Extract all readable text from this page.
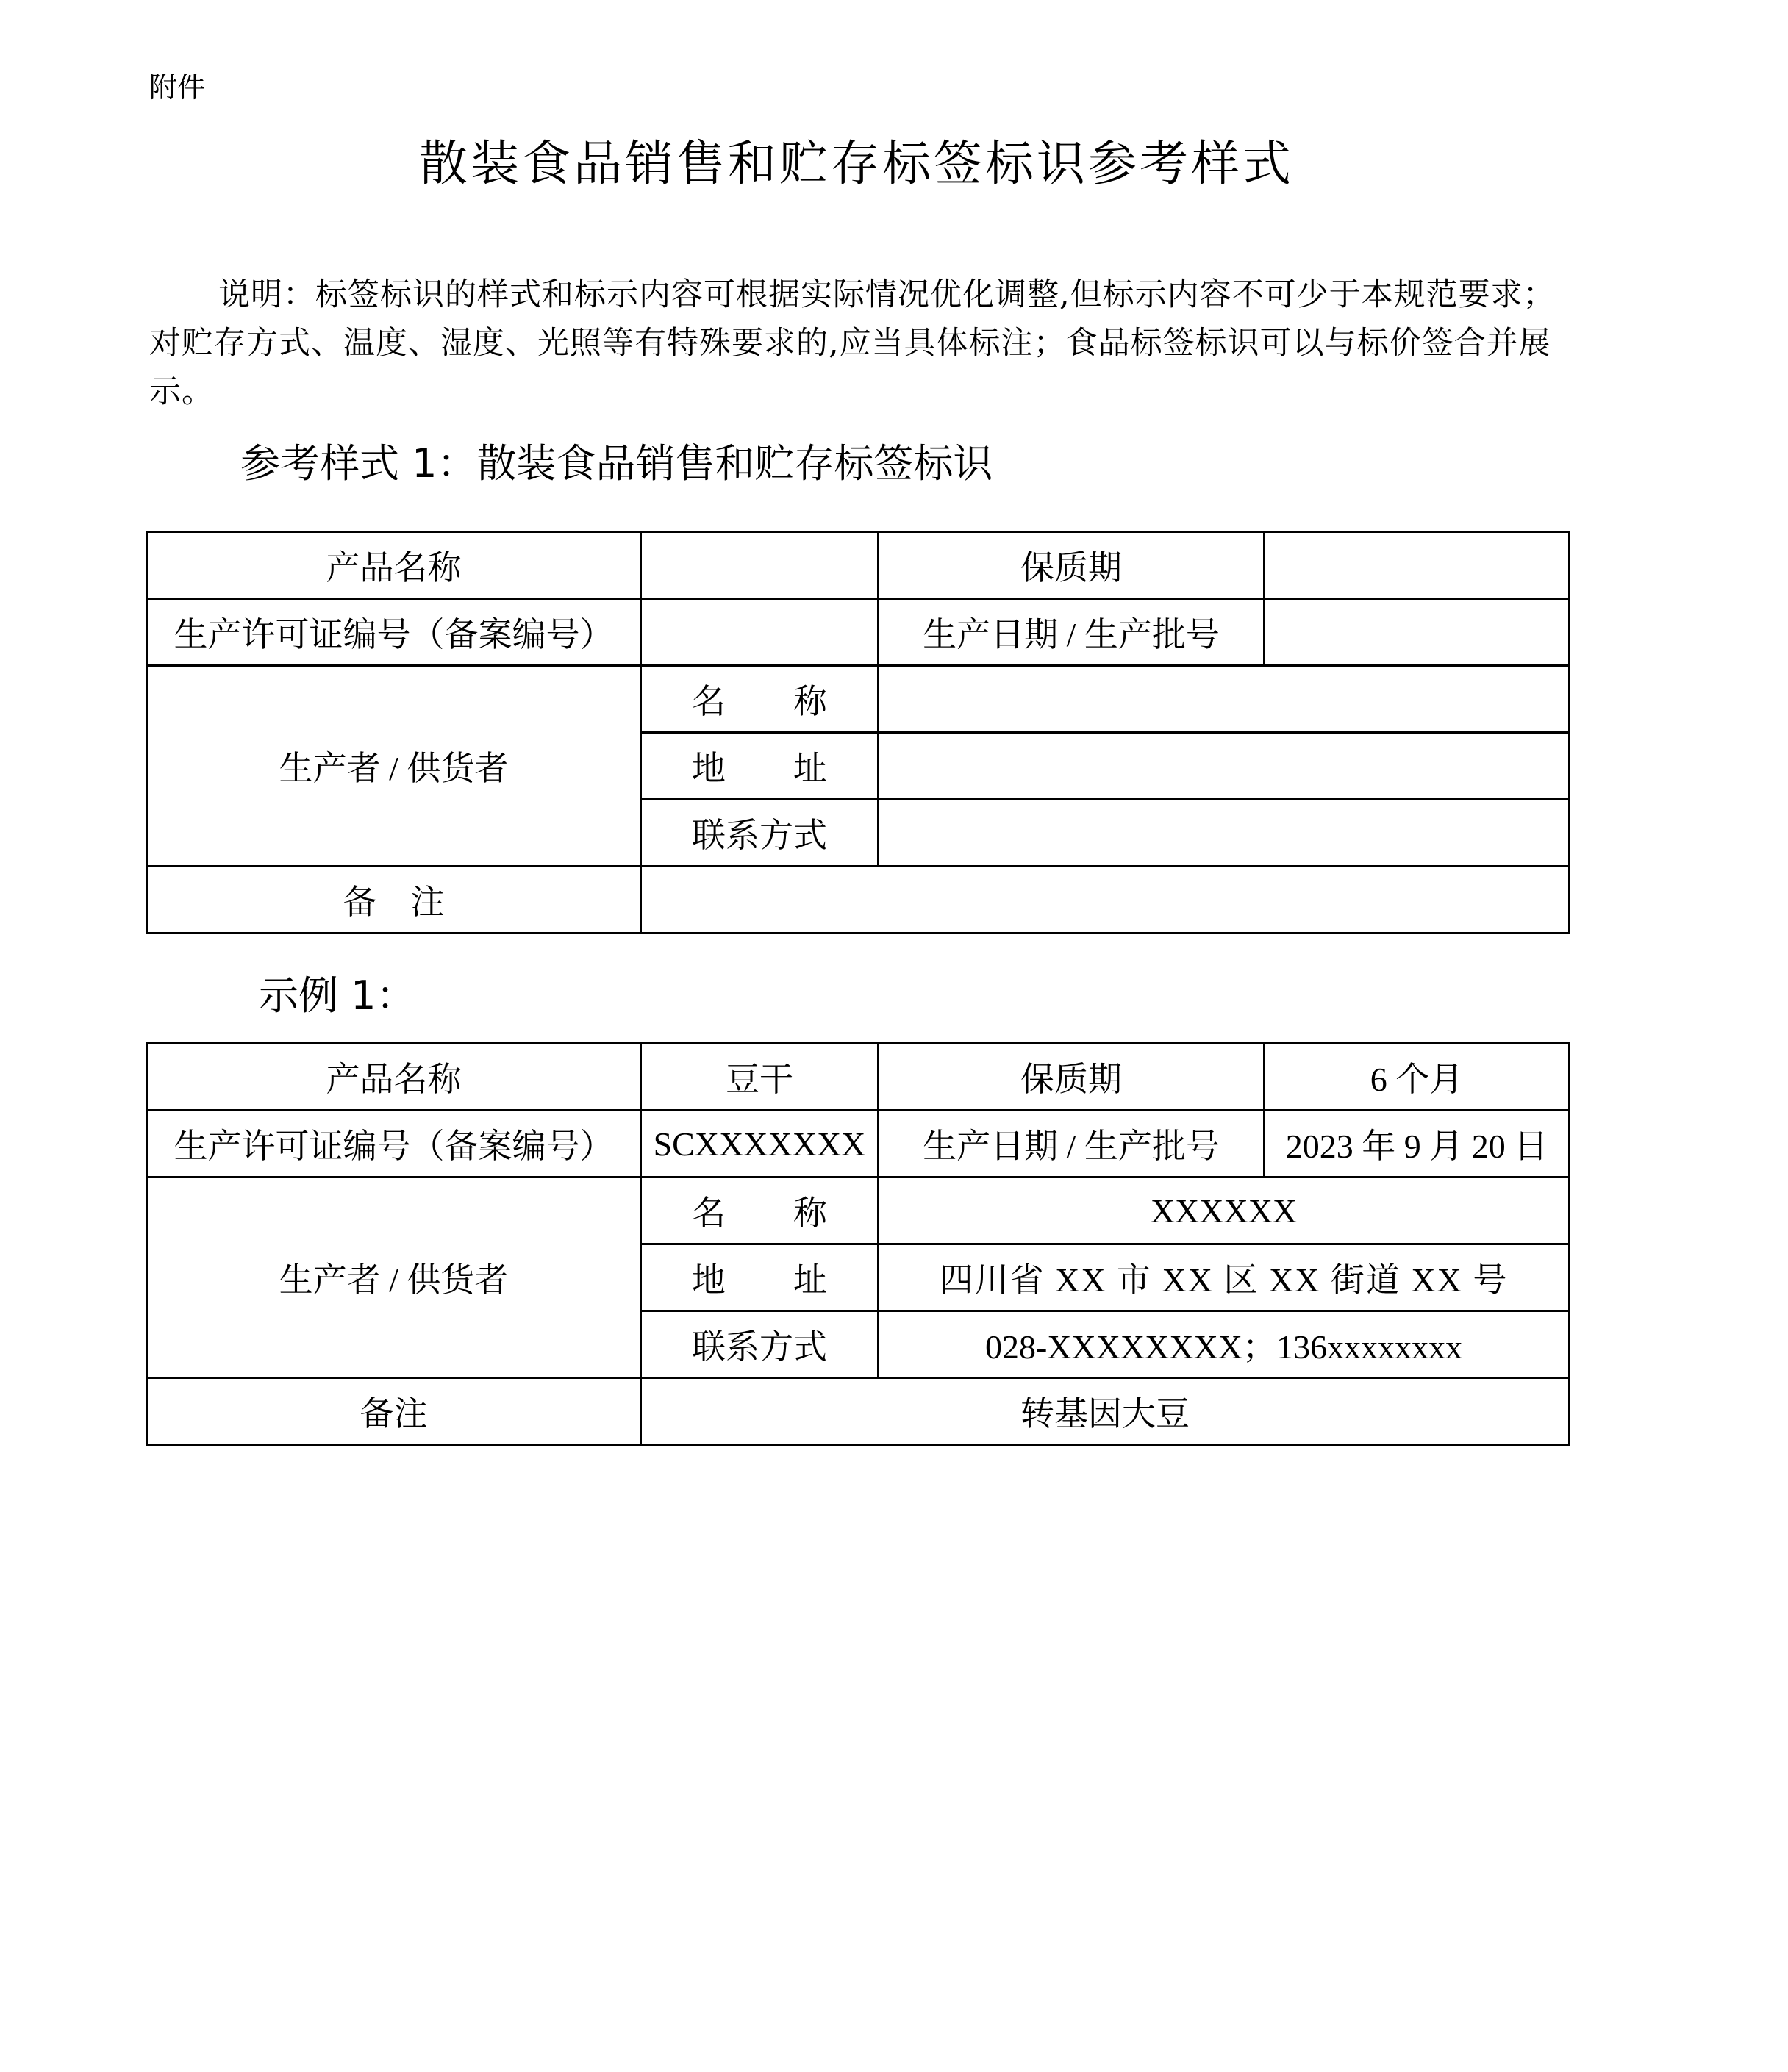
附件
散装食品销售和贮存标签标识参考样式
说明：标签标识的样式和标示内容可根据实际情况优化调整,但标示内容不可少于本规范要求；对贮存方式、温度、湿度、光照等有特殊要求的,应当具体标注；食品标签标识可以与标价签合并展示。
参考样式 1：散装食品销售和贮存标签标识
产品名称		保质期	
生产许可证编号（备案编号）		生产日期 / 生产批号	
生产者 / 供货者	名　　称		
	地　　址		
	联系方式		
备　注			
示例 1：
产品名称	豆干	保质期	6 个月
生产许可证编号（备案编号）	SCXXXXXXX	生产日期 / 生产批号	2023 年 9 月 20 日
生产者 / 供货者	名　　称	XXXXXX	
	地　　址	四川省 XX 市 XX 区 XX 街道 XX 号	
	联系方式	028-XXXXXXXX；136xxxxxxxx	
备注	转基因大豆		
